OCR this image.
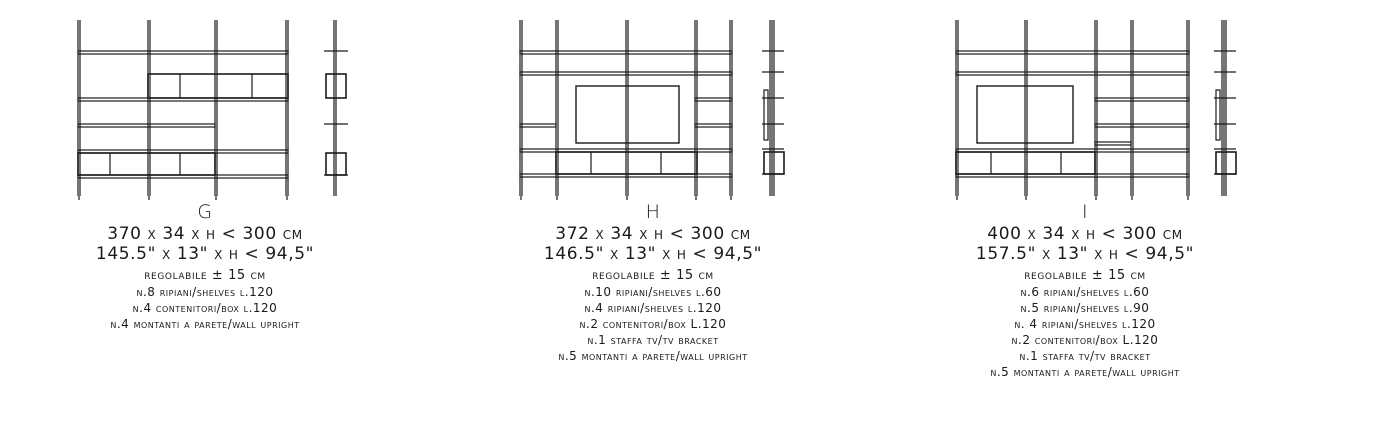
G
370 x 34 x h < 300 cm
145.5" x 13" x h < 94,5"
regolabile ± 15 cm
n.8 ripiani/shelves l.120
n.4 contenitori/box l.120
n.4 montanti a parete/wall upright
H
372 x 34 x h < 300 cm
146.5" x 13" x h < 94,5"
regolabile ± 15 cm
n.10 ripiani/shelves l.60
n.4 ripiani/shelves l.120
n.2 contenitori/box L.120
n.1 staffa tv/tv bracket
n.5 montanti a parete/wall upright
I
400 x 34 x h < 300 cm
157.5" x 13" x h < 94,5"
regolabile ± 15 cm
n.6 ripiani/shelves l.60
n.5 ripiani/shelves l.90
n. 4 ripiani/shelves l.120
n.2 contenitori/box L.120
n.1 staffa tv/tv bracket
n.5 montanti a parete/wall upright
